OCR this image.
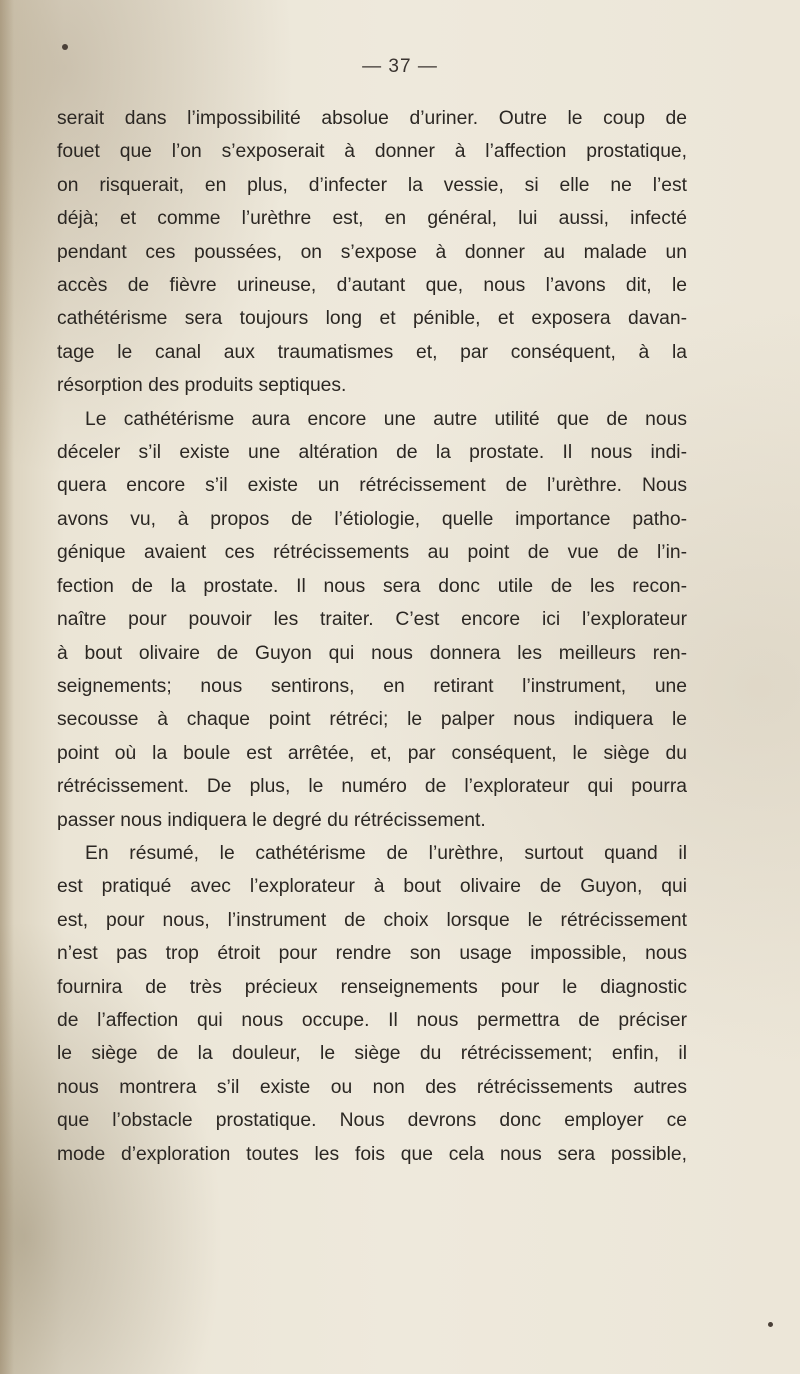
— 37 —

serait dans l’impossibilité absolue d’uriner. Outre le coup de
fouet que l’on s’exposerait à donner à l’affection prostatique,
on risquerait, en plus, d’infecter la vessie, si elle ne l’est
déjà; et comme l’urèthre est, en général, lui aussi, infecté
pendant ces poussées, on s’expose à donner au malade un
accès de fièvre urineuse, d’autant que, nous l’avons dit, le
cathétérisme sera toujours long et pénible, et exposera davan-
tage le canal aux traumatismes et, par conséquent, à la
résorption des produits septiques.

Le cathétérisme aura encore une autre utilité que de nous
déceler s’il existe une altération de la prostate. Il nous indi-
quera encore s’il existe un rétrécissement de l’urèthre. Nous
avons vu, à propos de l’étiologie, quelle importance patho-
génique avaient ces rétrécissements au point de vue de l’in-
fection de la prostate. Il nous sera donc utile de les recon-
naître pour pouvoir les traiter. C’est encore ici l’explorateur
à bout olivaire de Guyon qui nous donnera les meilleurs ren-
seignements; nous sentirons, en retirant l’instrument, une
secousse à chaque point rétréci; le palper nous indiquera le
point où la boule est arrêtée, et, par conséquent, le siège du
rétrécissement. De plus, le numéro de l’explorateur qui pourra
passer nous indiquera le degré du rétrécissement.

En résumé, le cathétérisme de l’urèthre, surtout quand il
est pratiqué avec l’explorateur à bout olivaire de Guyon, qui
est, pour nous, l’instrument de choix lorsque le rétrécissement
n’est pas trop étroit pour rendre son usage impossible, nous
fournira de très précieux renseignements pour le diagnostic
de l’affection qui nous occupe. Il nous permettra de préciser
le siège de la douleur, le siège du rétrécissement; enfin, il
nous montrera s’il existe ou non des rétrécissements autres
que l’obstacle prostatique. Nous devrons donc employer ce
mode d’exploration toutes les fois que cela nous sera possible,
